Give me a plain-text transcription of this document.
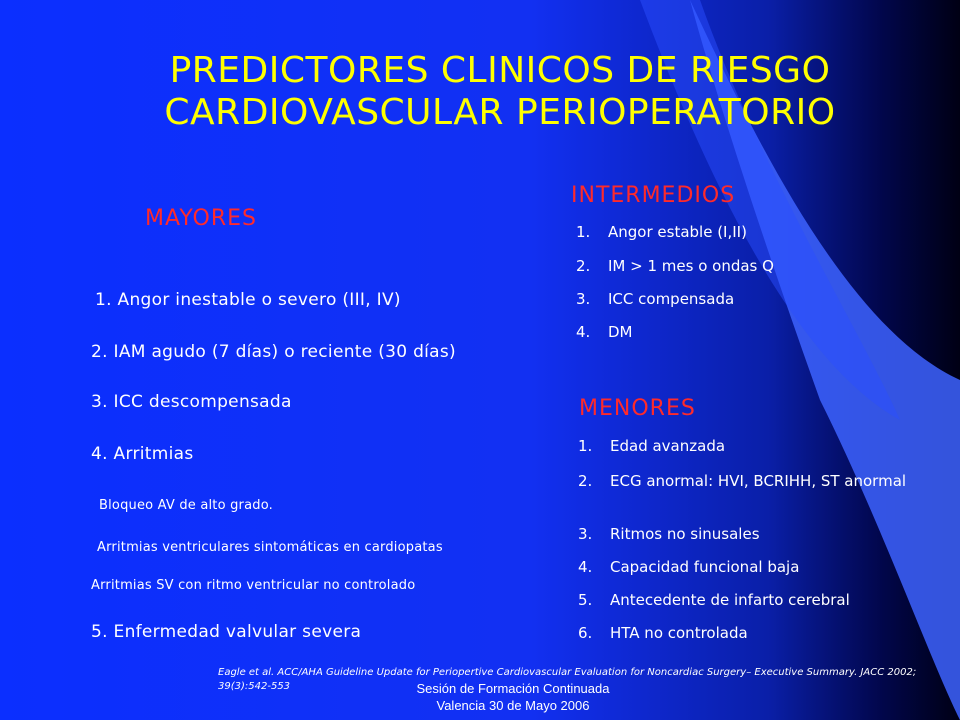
PREDICTORES CLINICOS DE RIESGO
CARDIOVASCULAR PERIOPERATORIO
MAYORES
1. Angor inestable o severo (III, IV)
2. IAM agudo (7 días) o reciente (30 días)
3. ICC descompensada
4. Arritmias
Bloqueo AV de alto grado.
Arritmias ventriculares sintomáticas en cardiopatas
Arritmias SV con ritmo ventricular no controlado
5. Enfermedad valvular severa
INTERMEDIOS
1. Angor estable (I,II)
2. IM > 1 mes o ondas Q
3. ICC compensada
4. DM
MENORES
1. Edad avanzada
2. ECG anormal: HVI, BCRIHH, ST anormal
3. Ritmos no sinusales
4. Capacidad funcional baja
5. Antecedente de infarto cerebral
6. HTA no controlada
Eagle et al. ACC/AHA Guideline Update for Periopertive Cardiovascular Evaluation for Noncardiac Surgery– Executive Summary. JACC 2002; 39(3):542-553	Sesión de Formación Continuada
Valencia 30 de Mayo 2006
